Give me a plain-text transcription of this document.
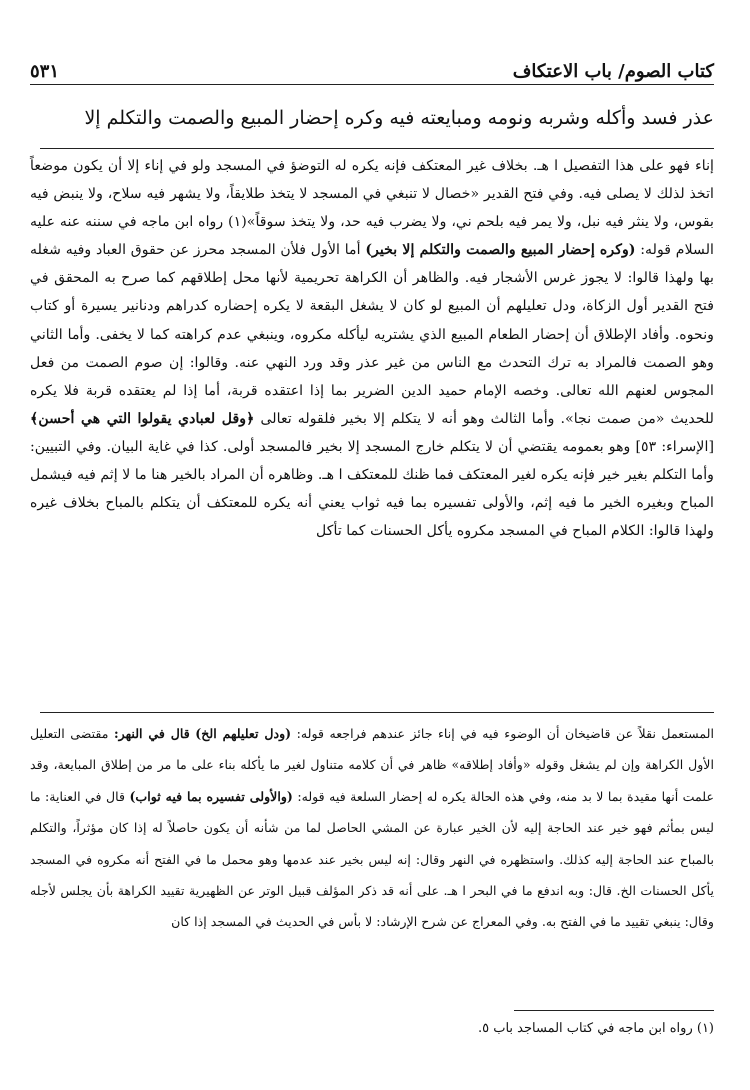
٥٣١	كتاب الصوم/ باب الاعتكاف
عذر فسد وأكله وشربه ونومه ومبايعته فيه وكره إحضار المبيع والصمت والتكلم إلا

إناء فهو على هذا التفصيل ا هـ. بخلاف غير المعتكف فإنه يكره له التوضؤ في المسجد ولو في إناء إلا أن يكون موضعاً اتخذ لذلك لا يصلى فيه. وفي فتح القدير «خصال لا تنبغي في المسجد لا يتخذ طلايقاً، ولا يشهر فيه سلاح، ولا ينبض فيه بقوس، ولا ينثر فيه نبل، ولا يمر فيه بلحم ني، ولا يضرب فيه حد، ولا يتخذ سوقاً»(١) رواه ابن ماجه في سننه عنه عليه السلام قوله: (وكره إحضار المبيع والصمت والتكلم إلا بخير) أما الأول فلأن المسجد محرز عن حقوق العباد وفيه شغله بها ولهذا قالوا: لا يجوز غرس الأشجار فيه. والظاهر أن الكراهة تحريمية لأنها محل إطلاقهم كما صرح به المحقق في فتح القدير أول الزكاة، ودل تعليلهم أن المبيع لو كان لا يشغل البقعة لا يكره إحضاره كدراهم ودنانير يسيرة أو كتاب ونحوه. وأفاد الإطلاق أن إحضار الطعام المبيع الذي يشتريه ليأكله مكروه، وينبغي عدم كراهته كما لا يخفى. وأما الثاني وهو الصمت فالمراد به ترك التحدث مع الناس من غير عذر وقد ورد النهي عنه. وقالوا: إن صوم الصمت من فعل المجوس لعنهم الله تعالى. وخصه الإمام حميد الدين الضرير بما إذا اعتقده قربة، أما إذا لم يعتقده قربة فلا يكره للحديث «من صمت نجا». وأما الثالث وهو أنه لا يتكلم إلا بخير فلقوله تعالى ﴿وقل لعبادي يقولوا التي هي أحسن﴾ [الإسراء: ٥٣] وهو بعمومه يقتضي أن لا يتكلم خارج المسجد إلا بخير فالمسجد أولى. كذا في غاية البيان. وفي التبيين: وأما التكلم بغير خير فإنه يكره لغير المعتكف فما ظنك للمعتكف ا هـ. وظاهره أن المراد بالخير هنا ما لا إثم فيه فيشمل المباح وبغيره الخير ما فيه إثم، والأولى تفسيره بما فيه ثواب يعني أنه يكره للمعتكف أن يتكلم بالمباح بخلاف غيره ولهذا قالوا: الكلام المباح في المسجد مكروه يأكل الحسنات كما تأكل

المستعمل نقلاً عن قاضيخان أن الوضوء فيه في إناء جائز عندهم فراجعه قوله: (ودل تعليلهم الخ) قال في النهر: مقتضى التعليل الأول الكراهة وإن لم يشغل وقوله «وأفاد إطلاقه» ظاهر في أن كلامه متناول لغير ما يأكله بناء على ما مر من إطلاق المبايعة، وقد علمت أنها مقيدة بما لا بد منه، وفي هذه الحالة يكره له إحضار السلعة فيه قوله: (والأولى تفسيره بما فيه ثواب) قال في العناية: ما ليس بمأثم فهو خير عند الحاجة إليه لأن الخير عبارة عن المشي الحاصل لما من شأنه أن يكون حاصلاً له إذا كان مؤثراً، والتكلم بالمباح عند الحاجة إليه كذلك. واستظهره في النهر وقال: إنه ليس بخير عند عدمها وهو محمل ما في الفتح أنه مكروه في المسجد يأكل الحسنات الخ. قال: وبه اندفع ما في البحر ا هـ. على أنه قد ذكر المؤلف قبيل الوتر عن الظهيرية تقييد الكراهة بأن يجلس لأجله وقال: ينبغي تقييد ما في الفتح به. وفي المعراج عن شرح الإرشاد: لا بأس في الحديث في المسجد إذا كان

(١) رواه ابن ماجه في كتاب المساجد باب ٥.
